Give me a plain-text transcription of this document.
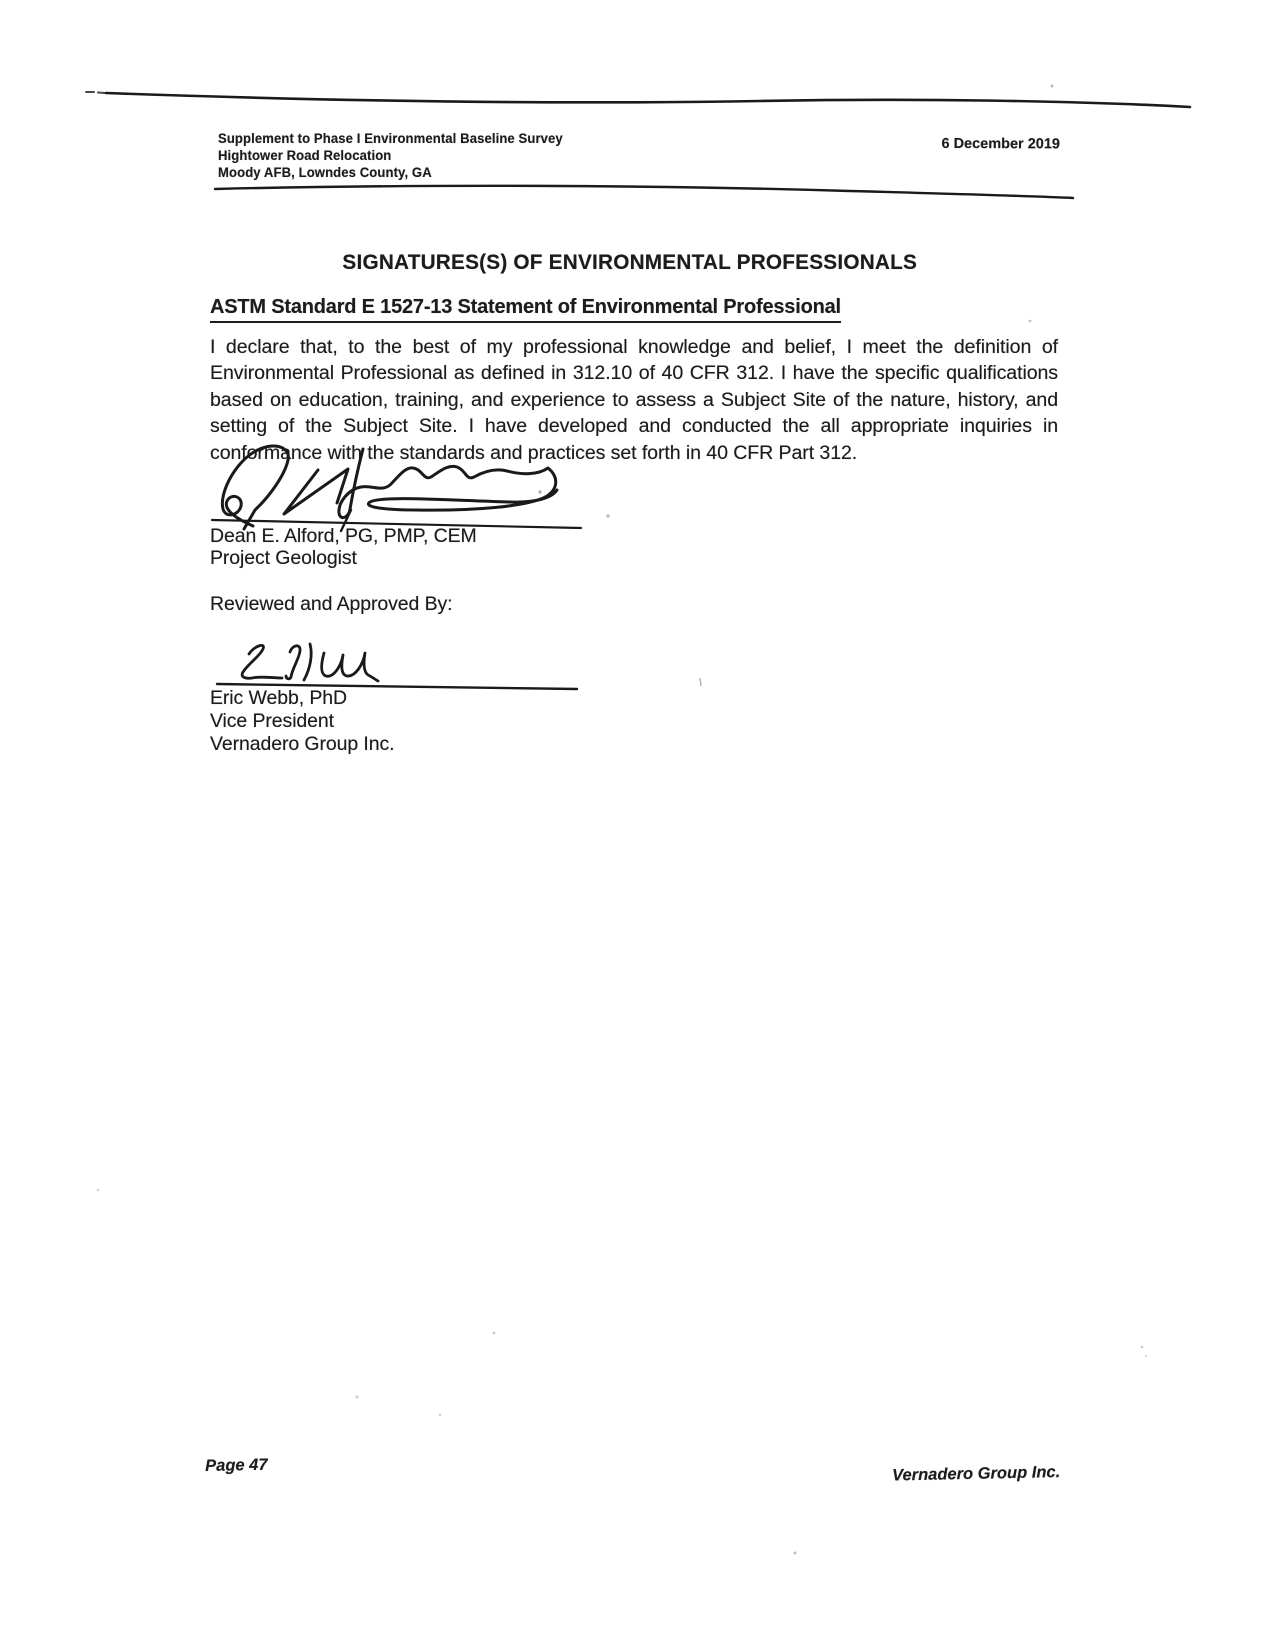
Supplement to Phase I Environmental Baseline Survey
Hightower Road Relocation
Moody AFB, Lowndes County, GA
6 December 2019
SIGNATURES(S) OF ENVIRONMENTAL PROFESSIONALS
ASTM Standard E 1527-13 Statement of Environmental Professional
I declare that, to the best of my professional knowledge and belief, I meet the definition of
Environmental Professional as defined in 312.10 of 40 CFR 312. I have the specific qualifications
based on education, training, and experience to assess a Subject Site of the nature, history, and
setting of the Subject Site. I have developed and conducted the all appropriate inquiries in
conformance with the standards and practices set forth in 40 CFR Part 312.
Dean E. Alford, PG, PMP, CEM
Project Geologist
Reviewed and Approved By:
Eric Webb, PhD
Vice President
Vernadero Group Inc.
Page 47	Vernadero Group Inc.
